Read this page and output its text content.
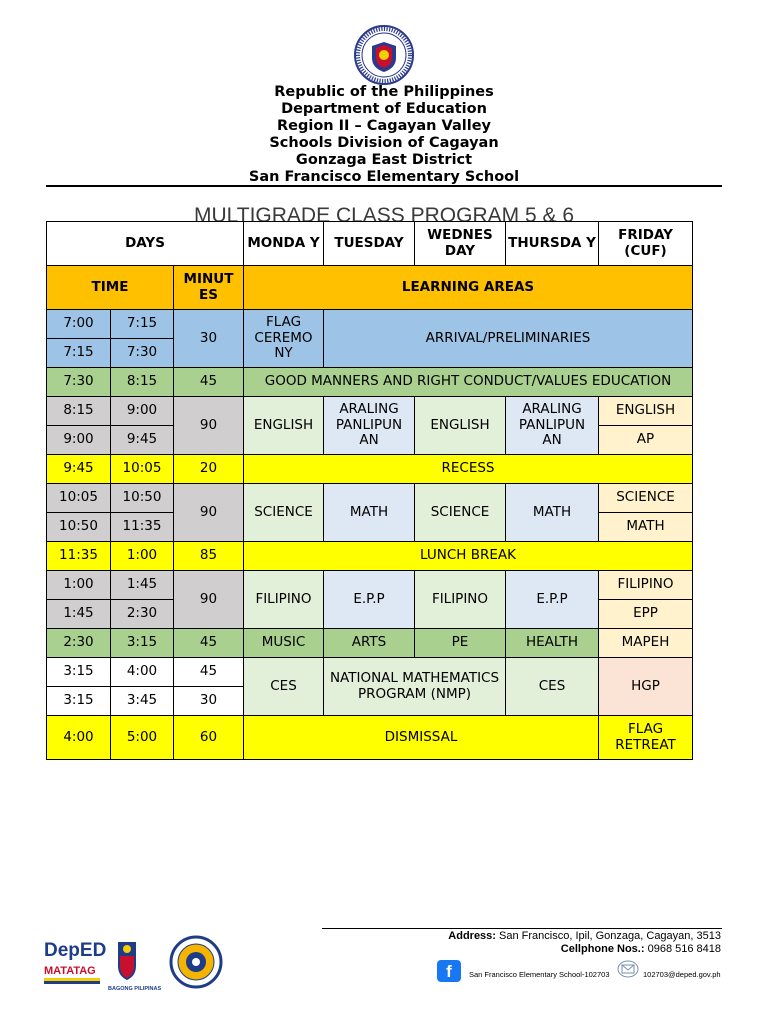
Republic of the Philippines
Department of Education
Region II – Cagayan Valley
Schools Division of Cagayan
Gonzaga East District
San Francisco Elementary School
MULTIGRADE CLASS PROGRAM 5 & 6
DAYS			MONDA Y	TUESDAY	WEDNES DAY	THURSDA Y	FRIDAY (CUF)
TIME		MINUT ES	LEARNING AREAS				
7:00	7:15	30	FLAG CEREMO NY	ARRIVAL/PRELIMINARIES			
7:15	7:30						
7:30	8:15	45	GOOD MANNERS AND RIGHT CONDUCT/VALUES EDUCATION				
8:15	9:00	90	ENGLISH	ARALING PANLIPUN AN	ENGLISH	ARALING PANLIPUN AN	ENGLISH
9:00	9:45						AP
9:45	10:05	20	RECESS				
10:05	10:50	90	SCIENCE	MATH	SCIENCE	MATH	SCIENCE
10:50	11:35						MATH
11:35	1:00	85	LUNCH BREAK				
1:00	1:45	90	FILIPINO	E.P.P	FILIPINO	E.P.P	FILIPINO
1:45	2:30						EPP
2:30	3:15	45	MUSIC	ARTS	PE	HEALTH	MAPEH
3:15	4:00	45	CES	NATIONAL MATHEMATICS PROGRAM (NMP)		CES	HGP
3:15	3:45	30					
4:00	5:00	60	DISMISSAL				FLAG RETREAT
DepED
MATATAG
BAGONG PILIPINAS
Address: San Francisco, Ipil, Gonzaga, Cagayan, 3513
Cellphone Nos.: 0968 516 8418
f	San Francisco Elementary School-102703	102703@deped.gov.ph
